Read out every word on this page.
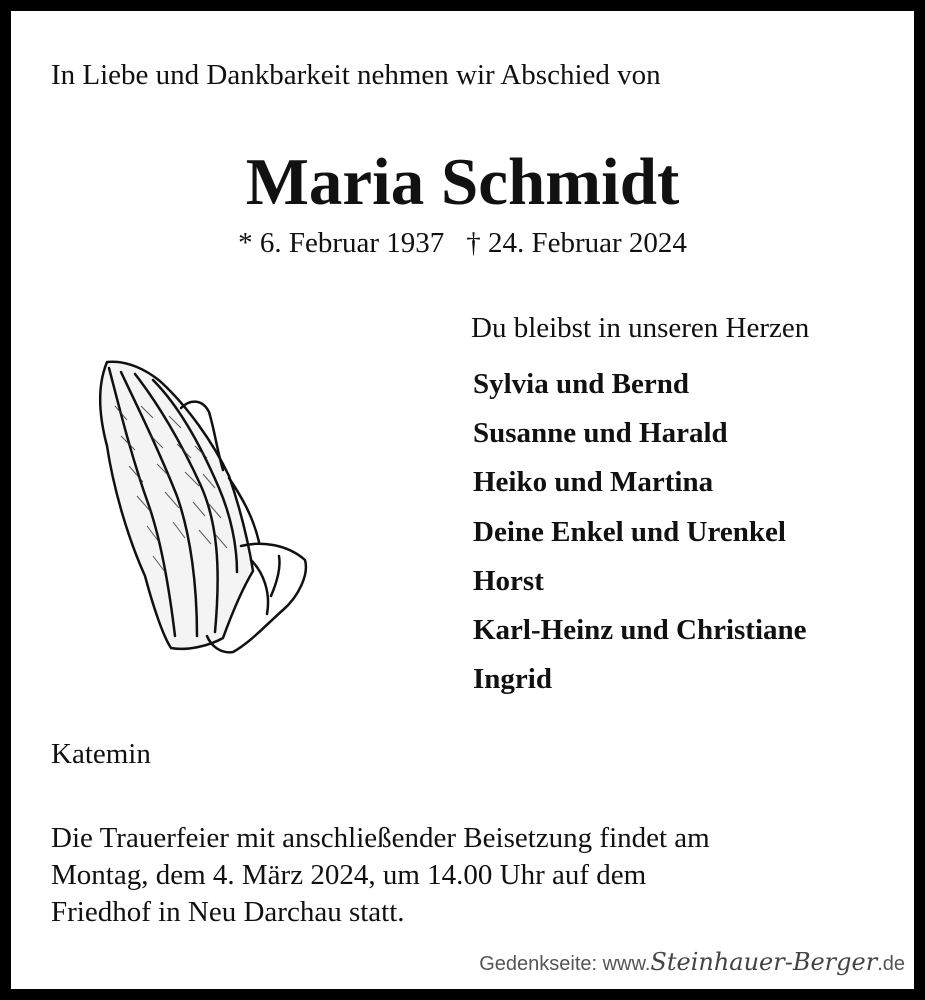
In Liebe und Dankbarkeit nehmen wir Abschied von
Maria Schmidt
* 6. Februar 1937 † 24. Februar 2024
Du bleibst in unseren Herzen
Sylvia und Bernd
Susanne und Harald
Heiko und Martina
Deine Enkel und Urenkel
Horst
Karl-Heinz und Christiane
Ingrid
Katemin

Die Trauerfeier mit anschließender Beisetzung findet am
Montag, dem 4. März 2024, um 14.00 Uhr auf dem
Friedhof in Neu Darchau statt.

Gedenkseite: www.Steinhauer-Berger.de
